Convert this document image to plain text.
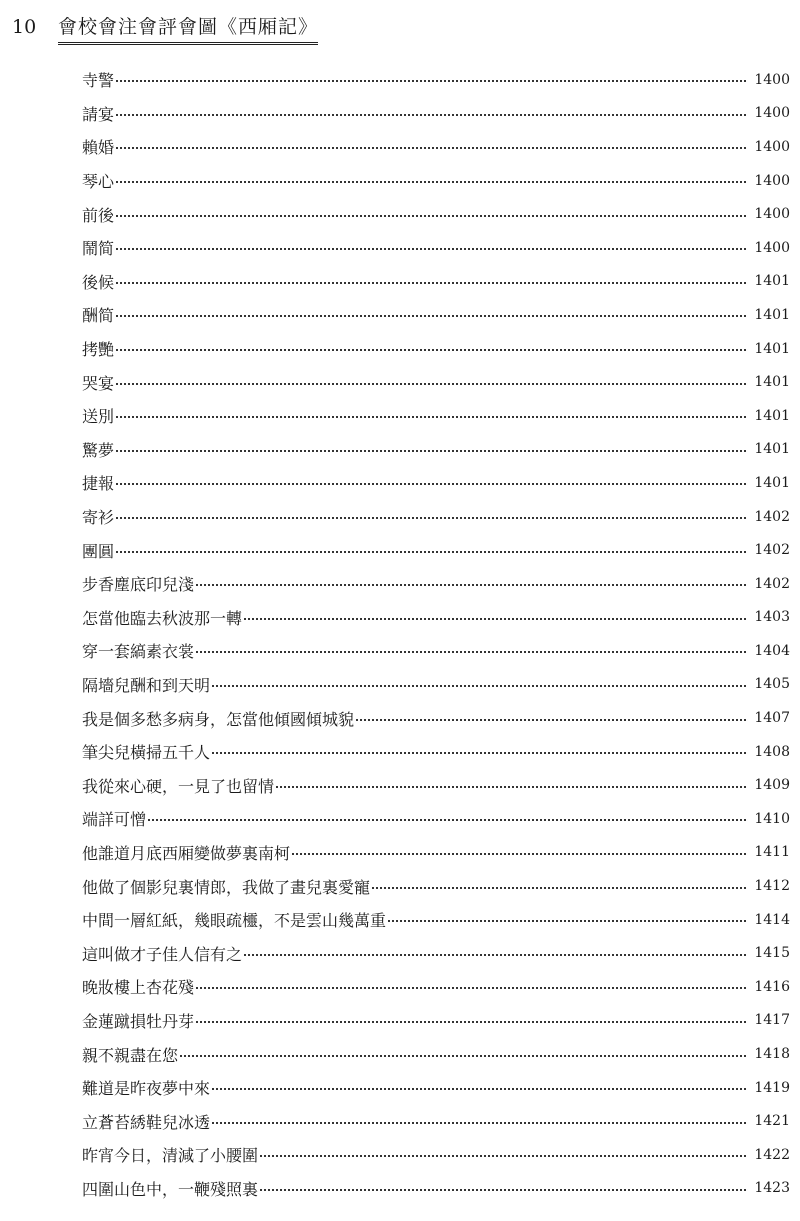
10	會校會注會評會圖《西厢記》
寺警	1400
請宴	1400
賴婚	1400
琴心	1400
前後	1400
鬧简	1400
後候	1401
酬简	1401
拷艷	1401
哭宴	1401
送別	1401
驚夢	1401
捷報	1401
寄衫	1402
團圓	1402
步香塵底印兒淺	1402
怎當他臨去秋波那一轉	1403
穿一套縞素衣裳	1404
隔墻兒酬和到天明	1405
我是個多愁多病身，怎當他傾國傾城貌	1407
筆尖兒橫掃五千人	1408
我從來心硬，一見了也留情	1409
端詳可憎	1410
他誰道月底西厢變做夢裏南柯	1411
他做了個影兒裏情郎，我做了畫兒裏愛寵	1412
中間一層紅紙，幾眼疏欞，不是雲山幾萬重	1414
這叫做才子佳人信有之	1415
晚妝樓上杏花殘	1416
金蓮蹴損牡丹芽	1417
親不親盡在您	1418
難道是昨夜夢中來	1419
立蒼苔綉鞋兒冰透	1421
昨宵今日，清減了小腰圍	1422
四圍山色中，一鞭殘照裏	1423
